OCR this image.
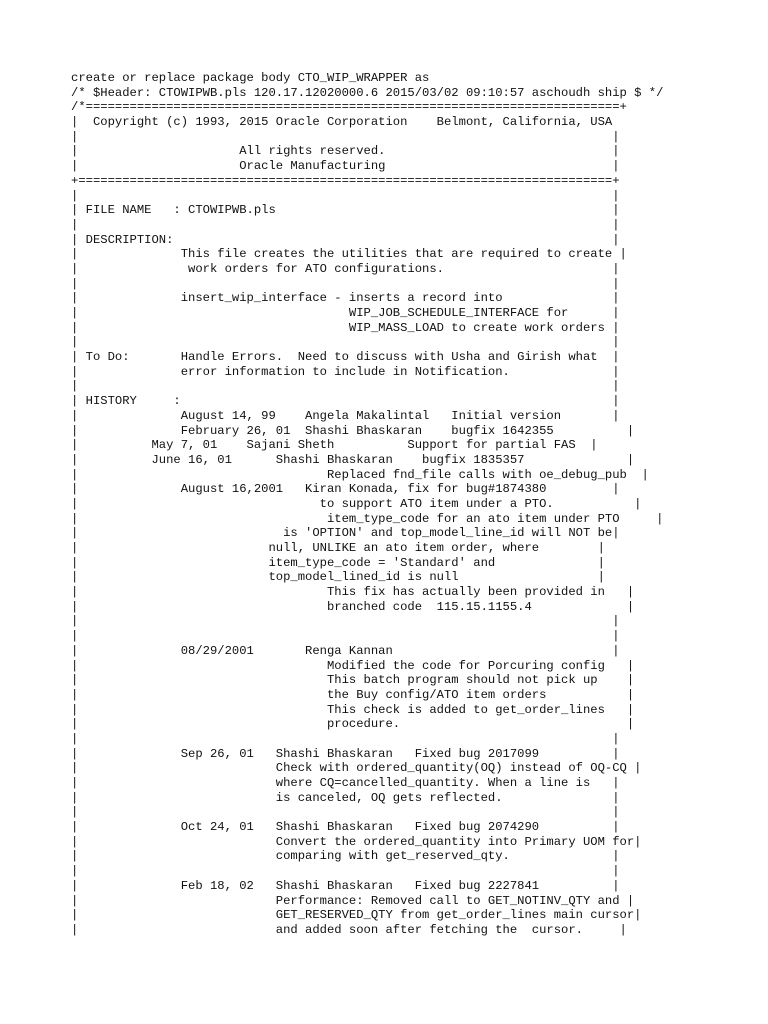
create or replace package body CTO_WIP_WRAPPER as
/* $Header: CTOWIPWB.pls 120.17.12020000.6 2015/03/02 09:10:57 aschoudh ship $ */
/*=========================================================================+
|  Copyright (c) 1993, 2015 Oracle Corporation    Belmont, California, USA
|                                                                         |
|                      All rights reserved.                               |
|                      Oracle Manufacturing                               |
+=========================================================================+
|                                                                         |
| FILE NAME   : CTOWIPWB.pls                                              |
|                                                                         |
| DESCRIPTION:                                                            |
|              This file creates the utilities that are required to create |
|               work orders for ATO configurations.                       |
|                                                                         |
|              insert_wip_interface - inserts a record into               |
|                                     WIP_JOB_SCHEDULE_INTERFACE for      |
|                                     WIP_MASS_LOAD to create work orders |
|                                                                         |
| To Do:       Handle Errors.  Need to discuss with Usha and Girish what  |
|              error information to include in Notification.              |
|                                                                         |
| HISTORY     :                                                           |
|              August 14, 99    Angela Makalintal   Initial version       |
|              February 26, 01  Shashi Bhaskaran    bugfix 1642355          |
|          May 7, 01    Sajani Sheth          Support for partial FAS  |
|          June 16, 01      Shashi Bhaskaran    bugfix 1835357              |
|                                  Replaced fnd_file calls with oe_debug_pub  |
|              August 16,2001   Kiran Konada, fix for bug#1874380         |
|                                 to support ATO item under a PTO.           |
|                                  item_type_code for an ato item under PTO     |
|                            is 'OPTION' and top_model_line_id will NOT be|
|                          null, UNLIKE an ato item order, where        |
|                          item_type_code = 'Standard' and              |
|                          top_model_lined_id is null                   |
|                                  This fix has actually been provided in   |
|                                  branched code  115.15.1155.4             |
|                                                                         |
|                                                                         |
|              08/29/2001       Renga Kannan                              |
|                                  Modified the code for Porcuring config   |
|                                  This batch program should not pick up    |
|                                  the Buy config/ATO item orders           |
|                                  This check is added to get_order_lines   |
|                                  procedure.                               |
|                                                                         |
|              Sep 26, 01   Shashi Bhaskaran   Fixed bug 2017099          |
|                           Check with ordered_quantity(OQ) instead of OQ-CQ |
|                           where CQ=cancelled_quantity. When a line is   |
|                           is canceled, OQ gets reflected.               |
|                                                                         |
|              Oct 24, 01   Shashi Bhaskaran   Fixed bug 2074290          |
|                           Convert the ordered_quantity into Primary UOM for|
|                           comparing with get_reserved_qty.              |
|                                                                         |
|              Feb 18, 02   Shashi Bhaskaran   Fixed bug 2227841          |
|                           Performance: Removed call to GET_NOTINV_QTY and |
|                           GET_RESERVED_QTY from get_order_lines main cursor|
|                           and added soon after fetching the  cursor.     |
